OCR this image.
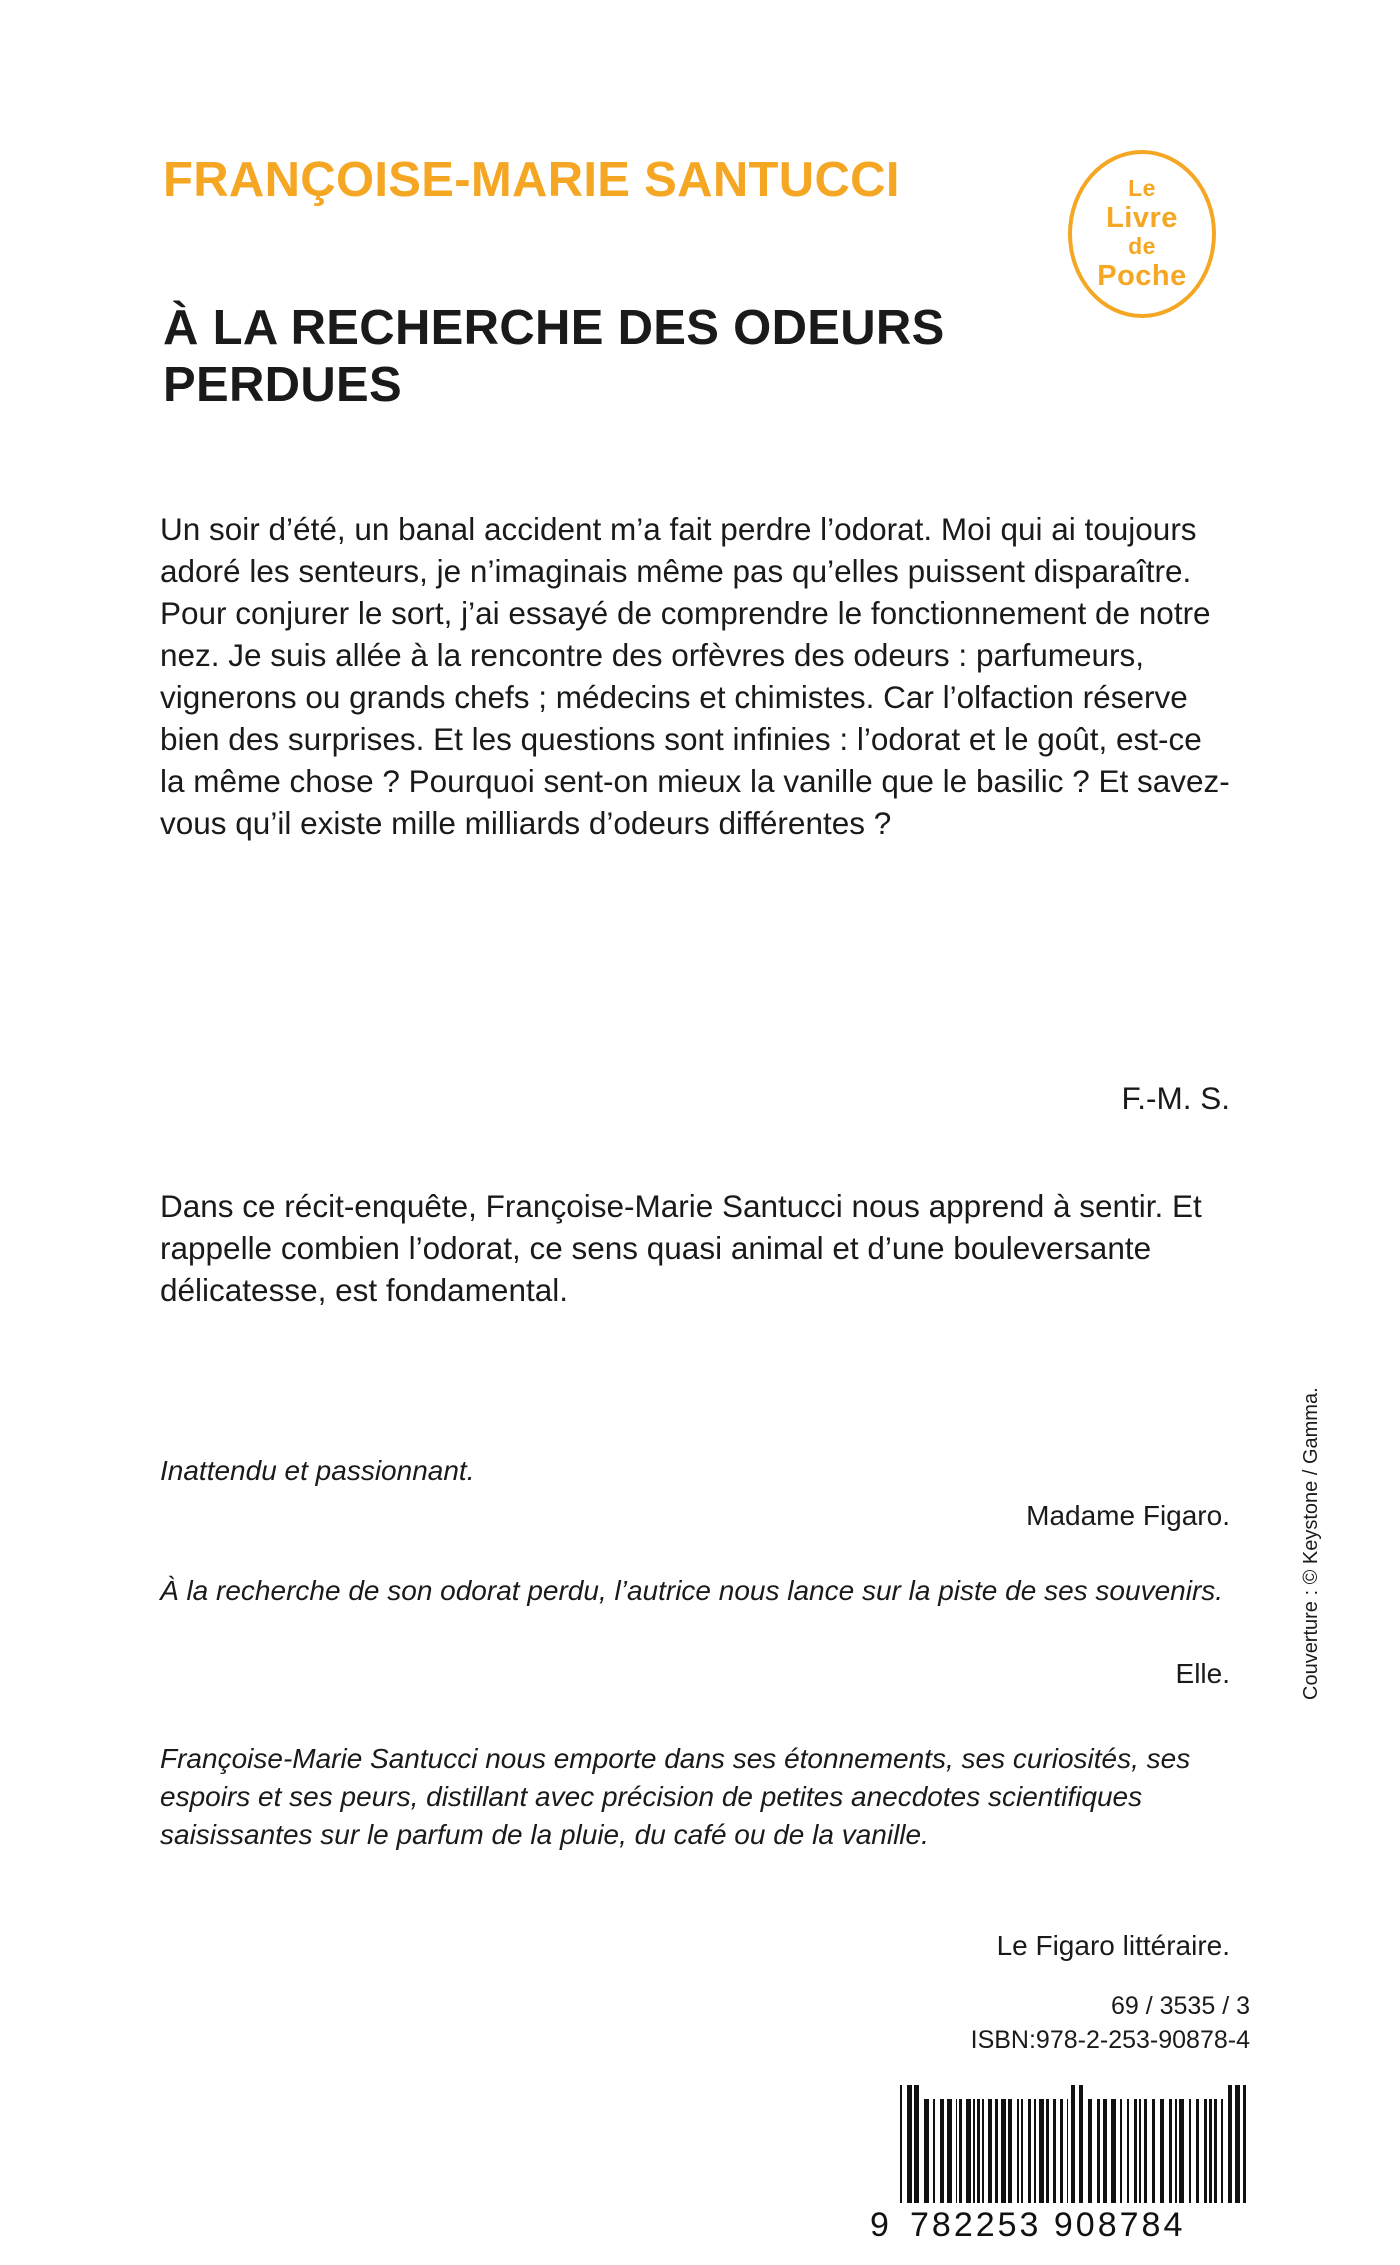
Le
Livre
de
Poche
FRANÇOISE-MARIE SANTUCCI
À LA RECHERCHE DES ODEURS PERDUES
Un soir d’été, un banal accident m’a fait perdre l’odorat. Moi qui ai toujours adoré les senteurs, je n’imaginais même pas qu’elles puissent disparaître. Pour conjurer le sort, j’ai essayé de comprendre le fonctionnement de notre nez. Je suis allée à la rencontre des orfèvres des odeurs : parfumeurs, vignerons ou grands chefs ; médecins et chimistes. Car l’olfaction réserve bien des surprises. Et les questions sont infinies : l’odorat et le goût, est-ce la même chose ? Pourquoi sent-on mieux la vanille que le basilic ? Et savez-vous qu’il existe mille milliards d’odeurs différentes ?
F.-M. S.
Dans ce récit-enquête, Françoise-Marie Santucci nous apprend à sentir. Et rappelle combien l’odorat, ce sens quasi animal et d’une bouleversante délicatesse, est fondamental.
Inattendu et passionnant.
Madame Figaro.
À la recherche de son odorat perdu, l’autrice nous lance sur la piste de ses souvenirs.
Elle.
Françoise-Marie Santucci nous emporte dans ses étonnements, ses curiosités, ses espoirs et ses peurs, distillant avec précision de petites anecdotes scientifiques saisissantes sur le parfum de la pluie, du café ou de la vanille.
Le Figaro littéraire.
69 / 3535 / 3
ISBN:978-2-253-90878-4
Couverture : © Keystone / Gamma.
9 782253 908784
